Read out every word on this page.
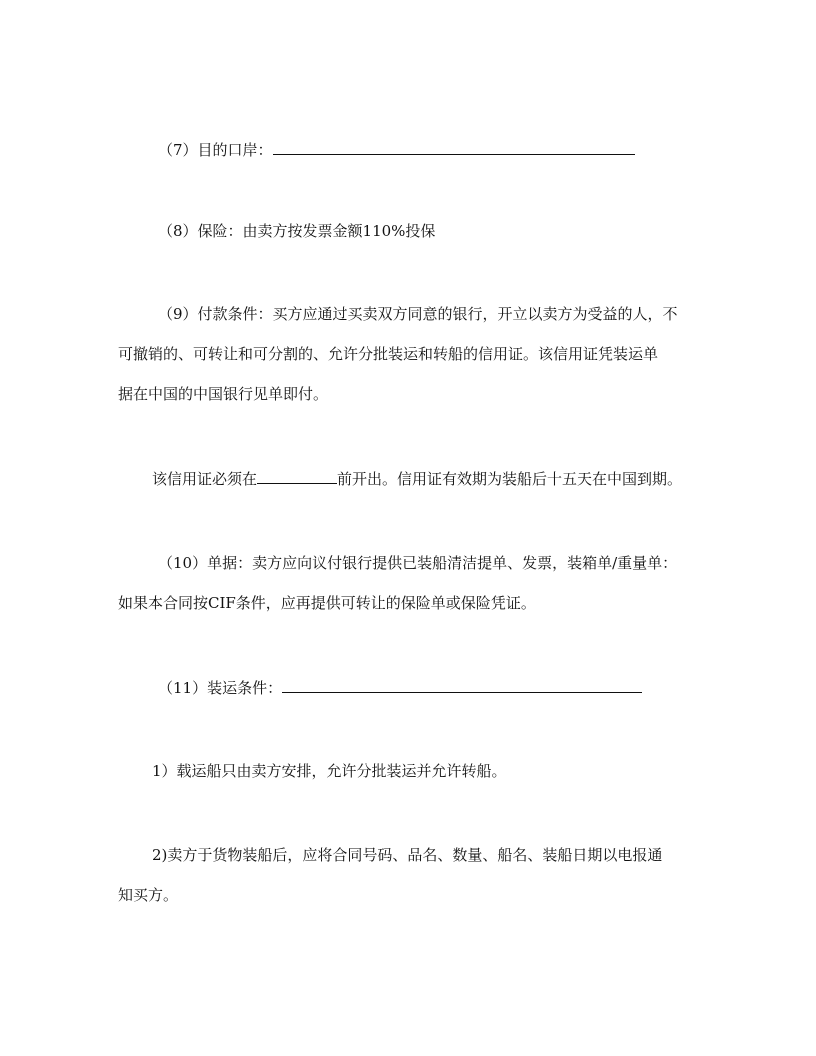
（7）目的口岸：
（8）保险：由卖方按发票金额110%投保
（9）付款条件：买方应通过买卖双方同意的银行，开立以卖方为受益的人，不
可撤销的、可转让和可分割的、允许分批装运和转船的信用证。该信用证凭装运单
据在中国的中国银行见单即付。
该信用证必须在	前开出。信用证有效期为装船后十五天在中国到期。
（10）单据：卖方应向议付银行提供已装船清洁提单、发票，装箱单/重量单：
如果本合同按CIF条件，应再提供可转让的保险单或保险凭证。
（11）装运条件：
1）载运船只由卖方安排，允许分批装运并允许转船。
2)卖方于货物装船后，应将合同号码、品名、数量、船名、装船日期以电报通
知买方。
